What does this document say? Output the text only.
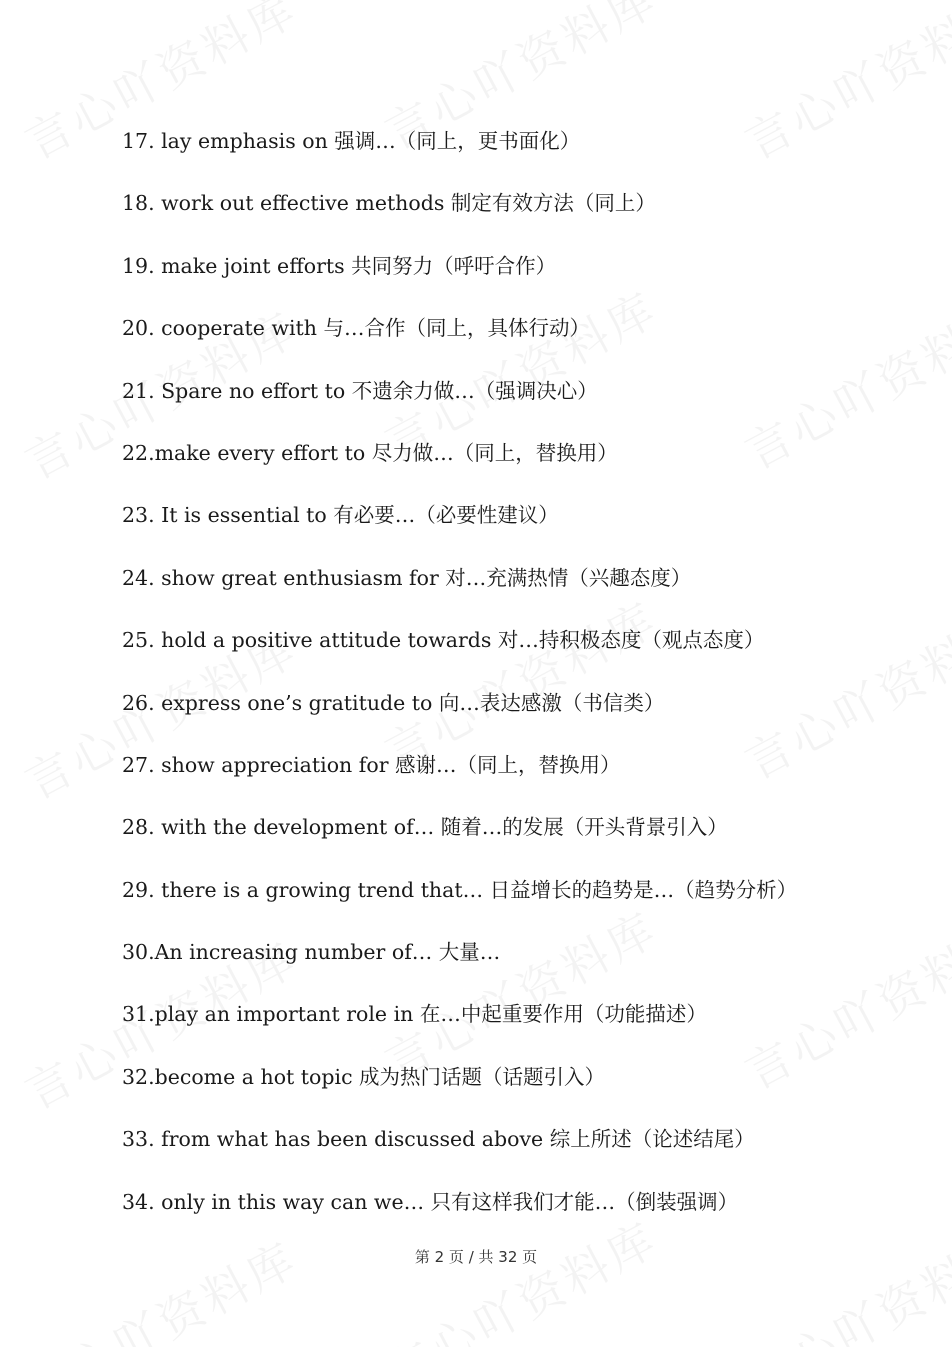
17. lay emphasis on 强调…（同上，更书面化）
18. work out effective methods 制定有效方法（同上）
19. make joint efforts 共同努力（呼吁合作）
20. cooperate with 与…合作（同上，具体行动）
21. Spare no effort to 不遗余力做…（强调决心）
22.make every effort to 尽力做…（同上，替换用）
23. It is essential to 有必要…（必要性建议）
24. show great enthusiasm for 对…充满热情（兴趣态度）
25. hold a positive attitude towards 对…持积极态度（观点态度）
26. express one’s gratitude to 向…表达感激（书信类）
27. show appreciation for 感谢…（同上，替换用）
28. with the development of… 随着…的发展（开头背景引入）
29. there is a growing trend that… 日益增长的趋势是…（趋势分析）
30.An increasing number of… 大量…
31.play an important role in 在…中起重要作用（功能描述）
32.become a hot topic 成为热门话题（话题引入）
33. from what has been discussed above 综上所述（论述结尾）
34. only in this way can we… 只有这样我们才能…（倒装强调）
第 2 页 / 共 32 页
